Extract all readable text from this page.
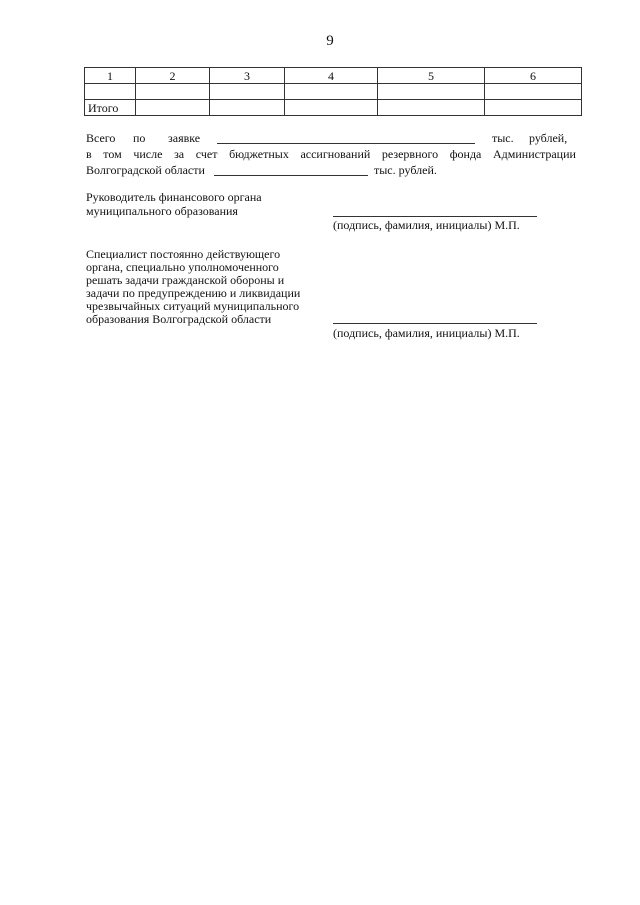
9
1	2	3	4	5	6

Итого					
Всего по заявке	тыс. рублей,
в том числе за счет бюджетных ассигнований резервного фонда Администрации
Волгоградской области	тыс. рублей.
Руководитель финансового органа
муниципального образования
(подпись, фамилия, инициалы) М.П.
Специалист постоянно действующего
органа, специально уполномоченного
решать задачи гражданской обороны и
задачи по предупреждению и ликвидации
чрезвычайных ситуаций муниципального
образования Волгоградской области
(подпись, фамилия, инициалы) М.П.
